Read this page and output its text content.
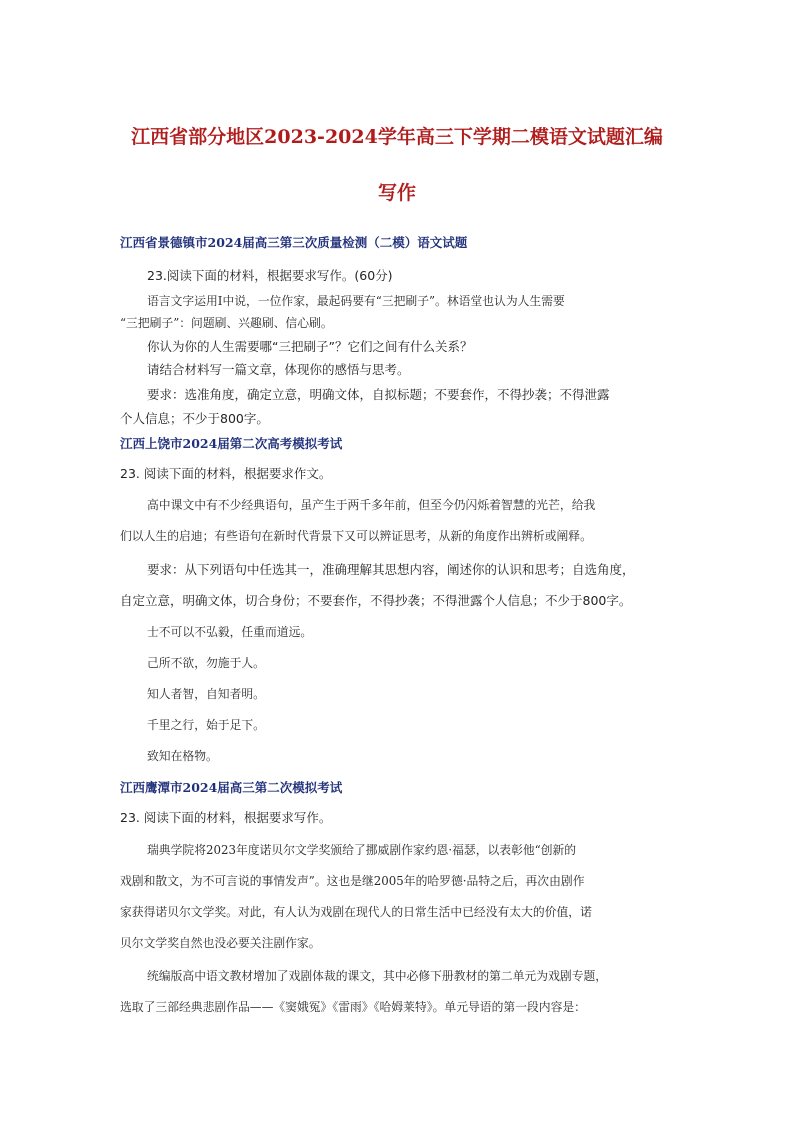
江西省部分地区2023-2024学年高三下学期二模语文试题汇编
写作
江西省景德镇市2024届高三第三次质量检测（二模）语文试题
23.阅读下面的材料，根据要求写作。(60分)
语言文字运用Ⅰ中说，一位作家，最起码要有“三把刷子”。林语堂也认为人生需要
“三把刷子”：问题刷、兴趣刷、信心刷。
你认为你的人生需要哪“三把刷子”？它们之间有什么关系？
请结合材料写一篇文章，体现你的感悟与思考。
要求：选准角度，确定立意，明确文体，自拟标题；不要套作，不得抄袭；不得泄露
个人信息；不少于800字。
江西上饶市2024届第二次高考模拟考试
23. 阅读下面的材料，根据要求作文。
高中课文中有不少经典语句，虽产生于两千多年前，但至今仍闪烁着智慧的光芒，给我
们以人生的启迪；有些语句在新时代背景下又可以辨证思考，从新的角度作出辨析或阐释。
要求：从下列语句中任选其一，准确理解其思想内容，阐述你的认识和思考；自选角度，
自定立意，明确文体，切合身份；不要套作，不得抄袭；不得泄露个人信息；不少于800字。
士不可以不弘毅，任重而道远。
己所不欲，勿施于人。
知人者智，自知者明。
千里之行，始于足下。
致知在格物。
江西鹰潭市2024届高三第二次模拟考试
23. 阅读下面的材料，根据要求写作。
瑞典学院将2023年度诺贝尔文学奖颁给了挪威剧作家约恩·福瑟，以表彰他“创新的
戏剧和散文，为不可言说的事情发声”。这也是继2005年的哈罗德·品特之后，再次由剧作
家获得诺贝尔文学奖。对此，有人认为戏剧在现代人的日常生活中已经没有太大的价值，诺
贝尔文学奖自然也没必要关注剧作家。
统编版高中语文教材增加了戏剧体裁的课文，其中必修下册教材的第二单元为戏剧专题，
选取了三部经典悲剧作品——《窦娥冤》《雷雨》《哈姆莱特》。单元导语的第一段内容是：
